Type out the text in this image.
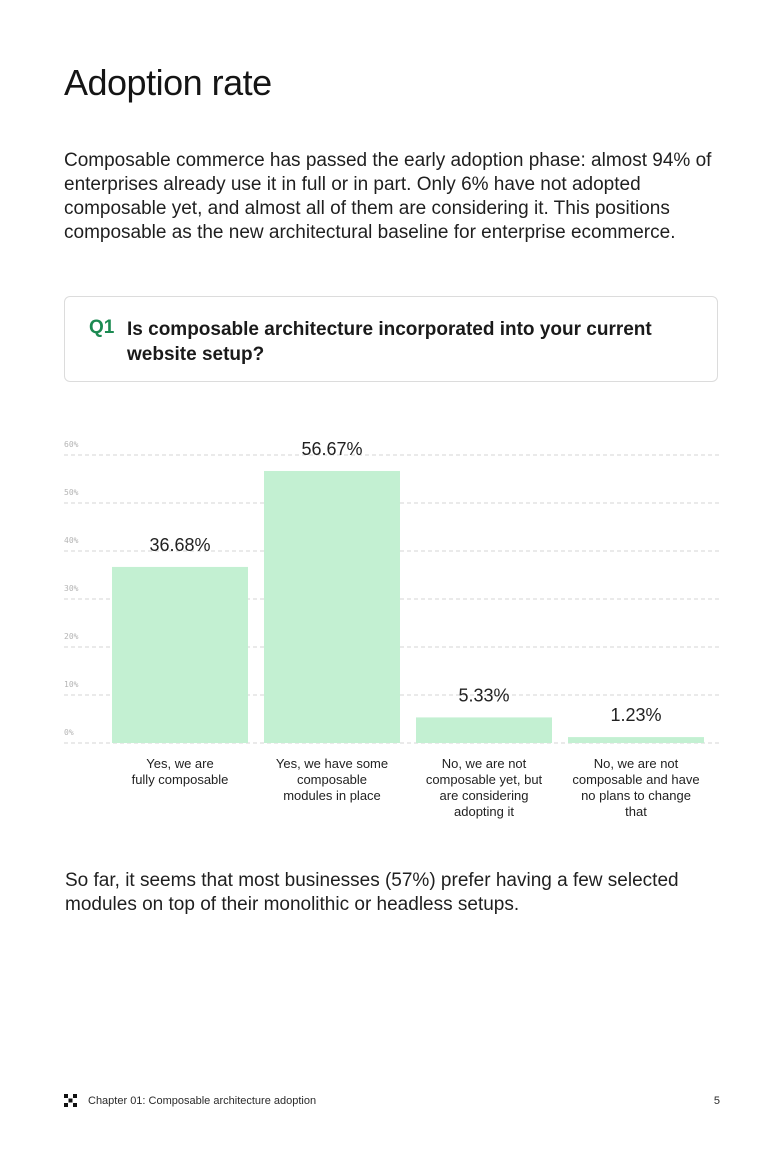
Adoption rate

Composable commerce has passed the early adoption phase: almost 94% of enterprises already use it in full or in part. Only 6% have not adopted composable yet, and almost all of them are considering it. This positions composable as the new architectural baseline for enterprise ecommerce.

Q1 Is composable architecture incorporated into your current website setup?
0%
10%
20%
30%
40%
50%
60%
36.68%
Yes, we are
fully composable
56.67%
Yes, we have some
composable
modules in place
5.33%
No, we are not
composable yet, but
are considering
adopting it
1.23%
No, we are not
composable and have
no plans to change
that

So far, it seems that most businesses (57%) prefer having a few selected modules on top of their monolithic or headless setups.

Chapter 01: Composable architecture adoption	5
